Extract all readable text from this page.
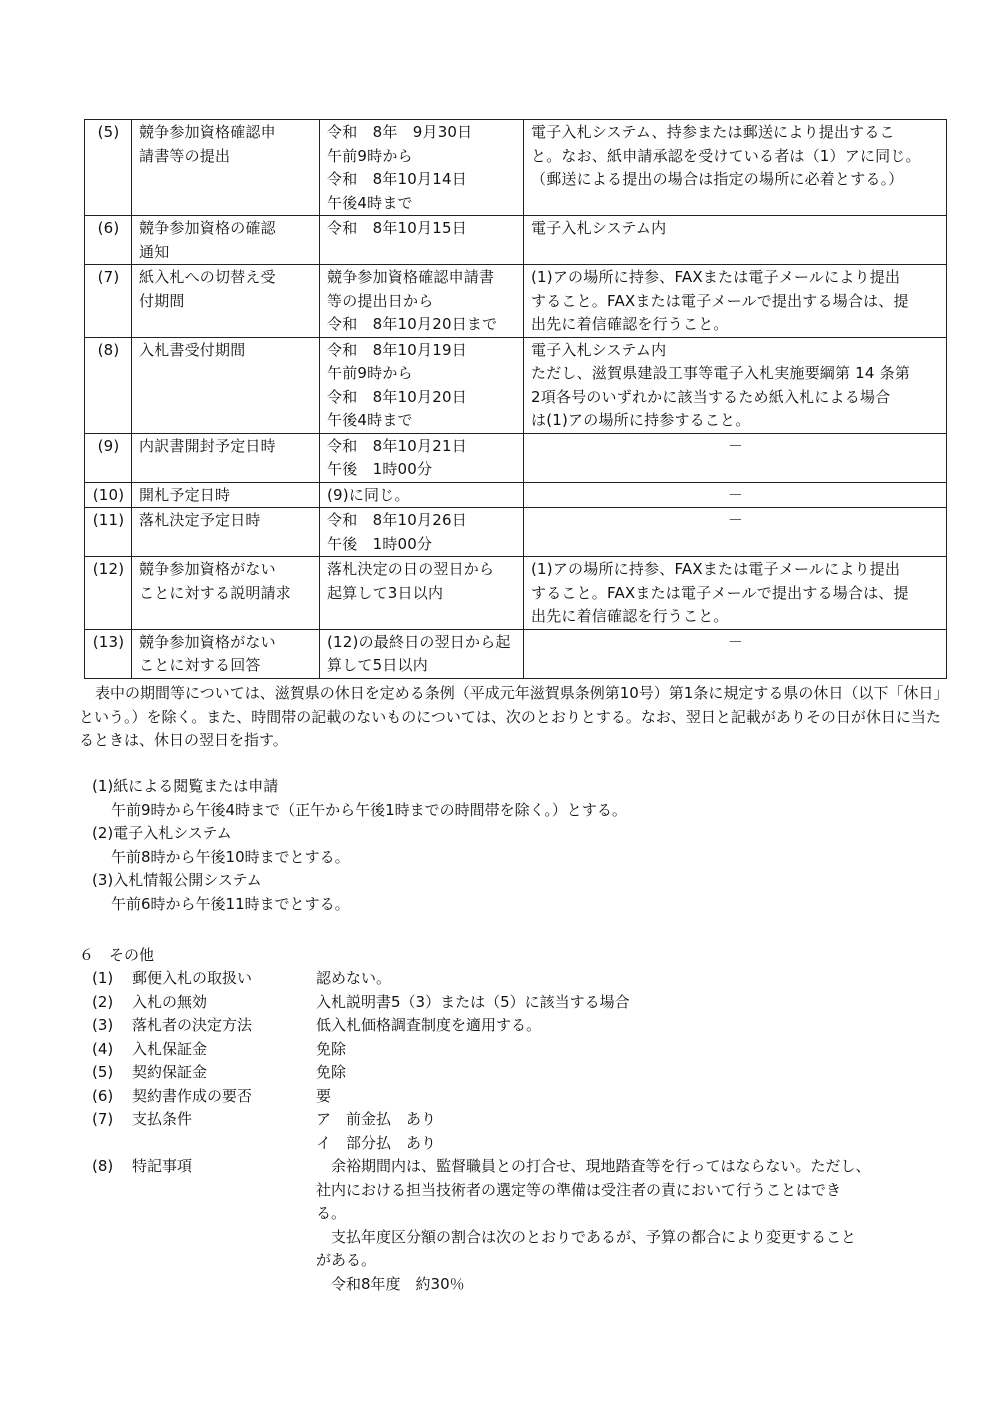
(5)	競争参加資格確認申
請書等の提出	令和　8年　9月30日
午前9時から
令和　8年10月14日
午後4時まで	電子入札システム、持参または郵送により提出するこ
と。なお、紙申請承認を受けている者は（1）アに同じ。
（郵送による提出の場合は指定の場所に必着とする。）

(6)	競争参加資格の確認
通知	令和　8年10月15日	電子入札システム内

(7)	紙入札への切替え受
付期間	競争参加資格確認申請書
等の提出日から
令和　8年10月20日まで	(1)アの場所に持参、FAXまたは電子メールにより提出
すること。FAXまたは電子メールで提出する場合は、提
出先に着信確認を行うこと。

(8)	入札書受付期間	令和　8年10月19日
午前9時から
令和　8年10月20日
午後4時まで	電子入札システム内
ただし、滋賀県建設工事等電子入札実施要綱第 14 条第
2項各号のいずれかに該当するため紙入札による場合
は(1)アの場所に持参すること。

(9)	内訳書開封予定日時	令和　8年10月21日
午後　1時00分	－

(10)	開札予定日時	(9)に同じ。	－

(11)	落札決定予定日時	令和　8年10月26日
午後　1時00分	－

(12)	競争参加資格がない
ことに対する説明請求	落札決定の日の翌日から
起算して3日以内	(1)アの場所に持参、FAXまたは電子メールにより提出
すること。FAXまたは電子メールで提出する場合は、提
出先に着信確認を行うこと。

(13)	競争参加資格がない
ことに対する回答	(12)の最終日の翌日から起
算して5日以内	－

表中の期間等については、滋賀県の休日を定める条例（平成元年滋賀県条例第10号）第1条に規定する県の休日（以下「休日」という。）を除く。また、時間帯の記載のないものについては、次のとおりとする。なお、翌日と記載がありその日が休日に当たるときは、休日の翌日を指す。

(1)紙による閲覧または申請
午前9時から午後4時まで（正午から午後1時までの時間帯を除く。）とする。
(2)電子入札システム
午前8時から午後10時までとする。
(3)入札情報公開システム
午前6時から午後11時までとする。
６　その他
(1)	郵便入札の取扱い	認めない。
(2)	入札の無効	入札説明書5（3）または（5）に該当する場合
(3)	落札者の決定方法	低入札価格調査制度を適用する。
(4)	入札保証金	免除
(5)	契約保証金	免除
(6)	契約書作成の要否	要
(7)	支払条件	ア　前金払　あり
イ　部分払　あり
(8)	特記事項	　余裕期間内は、監督職員との打合せ、現地踏査等を行ってはならない。ただし、
社内における担当技術者の選定等の準備は受注者の責において行うことはでき
る。
　支払年度区分額の割合は次のとおりであるが、予算の都合により変更すること
がある。
　令和8年度　約30％
